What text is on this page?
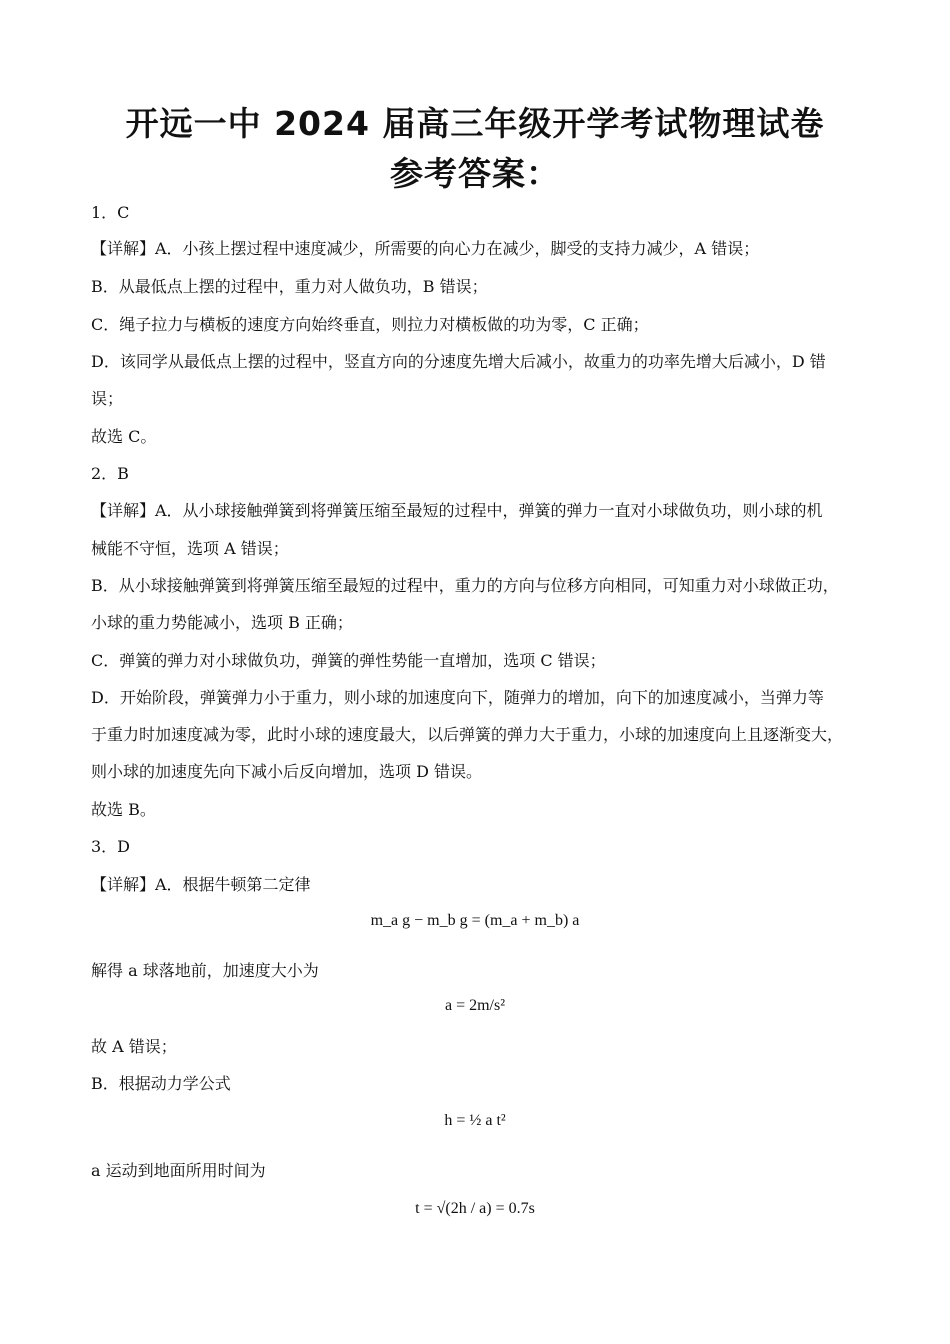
开远一中 2024 届高三年级开学考试物理试卷
参考答案：
1．C
【详解】A．小孩上摆过程中速度减少，所需要的向心力在减少，脚受的支持力减少，A 错误；
B．从最低点上摆的过程中，重力对人做负功，B 错误；
C．绳子拉力与横板的速度方向始终垂直，则拉力对横板做的功为零，C 正确；
D．该同学从最低点上摆的过程中，竖直方向的分速度先增大后减小，故重力的功率先增大后减小，D 错
误；
故选 C。
2．B
【详解】A．从小球接触弹簧到将弹簧压缩至最短的过程中，弹簧的弹力一直对小球做负功，则小球的机
械能不守恒，选项 A 错误；
B．从小球接触弹簧到将弹簧压缩至最短的过程中，重力的方向与位移方向相同，可知重力对小球做正功，
小球的重力势能减小，选项 B 正确；
C．弹簧的弹力对小球做负功，弹簧的弹性势能一直增加，选项 C 错误；
D．开始阶段，弹簧弹力小于重力，则小球的加速度向下，随弹力的增加，向下的加速度减小，当弹力等
于重力时加速度减为零，此时小球的速度最大，以后弹簧的弹力大于重力，小球的加速度向上且逐渐变大，
则小球的加速度先向下减小后反向增加，选项 D 错误。
故选 B。
3．D
【详解】A．根据牛顿第二定律
m_a g − m_b g = (m_a + m_b) a
解得 a 球落地前，加速度大小为
a = 2m/s²
故 A 错误；
B．根据动力学公式
h = ½ a t²
a 运动到地面所用时间为
t = √(2h / a) = 0.7s
